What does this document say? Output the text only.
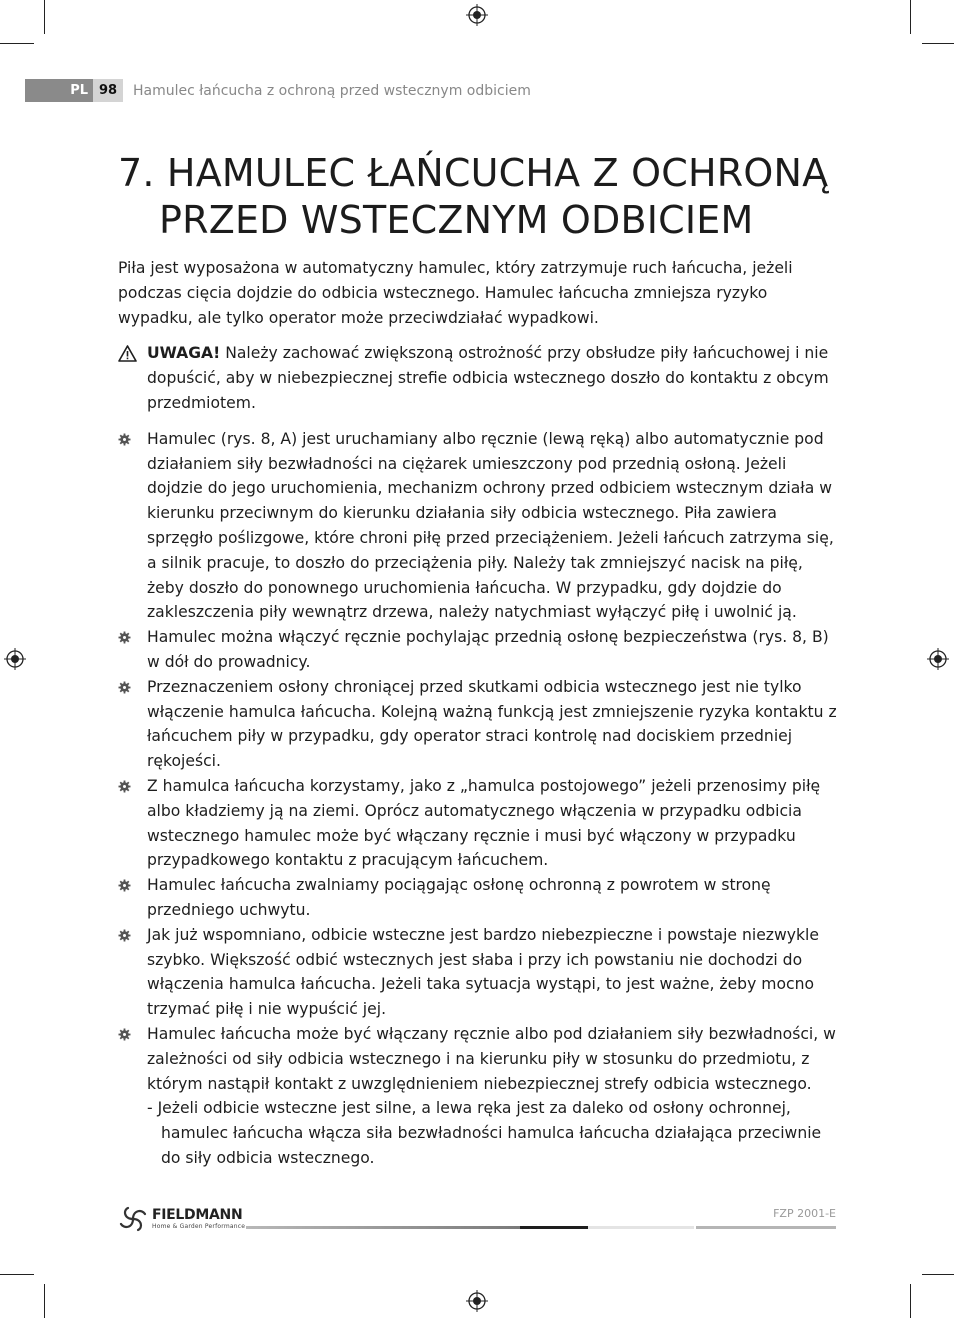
PL 98	Hamulec łańcucha z ochroną przed wstecznym odbiciem
7. HAMULEC ŁAŃCUCHA Z OCHRONĄ
PRZED WSTECZNYM ODBICIEM

Piła jest wyposażona w automatyczny hamulec, który zatrzymuje ruch łańcucha, jeżeli podczas cięcia dojdzie do odbicia wstecznego. Hamulec łańcucha zmniejsza ryzyko wypadku, ale tylko operator może przeciwdziałać wypadkowi.

UWAGA! Należy zachować zwiększoną ostrożność przy obsłudze piły łańcuchowej i nie dopuścić, aby w niebezpiecznej strefie odbicia wstecznego doszło do kontaktu z obcym przedmiotem.
Hamulec (rys. 8, A) jest uruchamiany albo ręcznie (lewą ręką) albo automatycznie pod działaniem siły bezwładności na ciężarek umieszczony pod przednią osłoną. Jeżeli dojdzie do jego uruchomienia, mechanizm ochrony przed odbiciem wstecznym działa w kierunku przeciwnym do kierunku działania siły odbicia wstecznego. Piła zawiera sprzęgło poślizgowe, które chroni piłę przed przeciążeniem. Jeżeli łańcuch zatrzyma się, a silnik pracuje, to doszło do przeciążenia piły. Należy tak zmniejszyć nacisk na piłę, żeby doszło do ponownego uruchomienia łańcucha. W przypadku, gdy dojdzie do zakleszczenia piły wewnątrz drzewa, należy natychmiast wyłączyć piłę i uwolnić ją.
Hamulec można włączyć ręcznie pochylając przednią osłonę bezpieczeństwa (rys. 8, B) w dół do prowadnicy.
Przeznaczeniem osłony chroniącej przed skutkami odbicia wstecznego jest nie tylko włączenie hamulca łańcucha. Kolejną ważną funkcją jest zmniejszenie ryzyka kontaktu z łańcuchem piły w przypadku, gdy operator straci kontrolę nad dociskiem przedniej rękojeści.
Z hamulca łańcucha korzystamy, jako z „hamulca postojowego” jeżeli przenosimy piłę albo kładziemy ją na ziemi. Oprócz automatycznego włączenia w przypadku odbicia wstecznego hamulec może być włączany ręcznie i musi być włączony w przypadku przypadkowego kontaktu z pracującym łańcuchem.
Hamulec łańcucha zwalniamy pociągając osłonę ochronną z powrotem w stronę przedniego uchwytu.
Jak już wspomniano, odbicie wsteczne jest bardzo niebezpieczne i powstaje niezwykle szybko. Większość odbić wstecznych jest słaba i przy ich powstaniu nie dochodzi do włączenia hamulca łańcucha. Jeżeli taka sytuacja wystąpi, to jest ważne, żeby mocno trzymać piłę i nie wypuścić jej.
Hamulec łańcucha może być włączany ręcznie albo pod działaniem siły bezwładności, w zależności od siły odbicia wstecznego i na kierunku piły w stosunku do przedmiotu, z którym nastąpił kontakt z uwzględnieniem niebezpiecznej strefy odbicia wstecznego.

- Jeżeli odbicie wsteczne jest silne, a lewa ręka jest za daleko od osłony ochronnej, hamulec łańcucha włącza siła bezwładności hamulca łańcucha działająca przeciwnie do siły odbicia wstecznego.

FIELDMANN
Home & Garden Performance
FZP 2001-E
